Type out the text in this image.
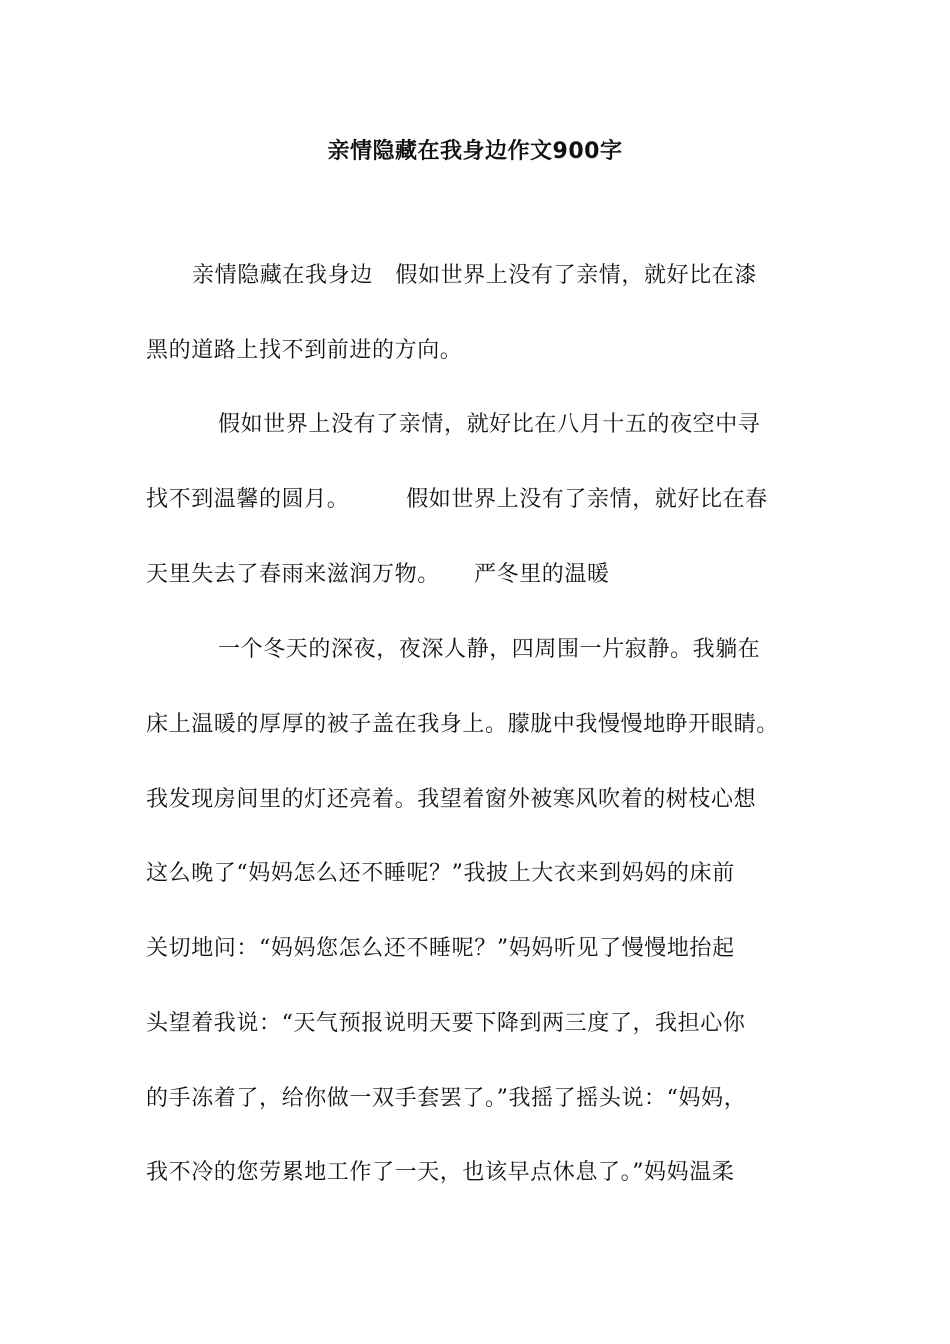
亲情隐藏在我身边作文900字
亲情隐藏在我身边　假如世界上没有了亲情，就好比在漆
黑的道路上找不到前进的方向。
假如世界上没有了亲情，就好比在八月十五的夜空中寻
找不到温馨的圆月。　　　假如世界上没有了亲情，就好比在春
天里失去了春雨来滋润万物。　　严冬里的温暖
一个冬天的深夜，夜深人静，四周围一片寂静。我躺在
床上温暖的厚厚的被子盖在我身上。朦胧中我慢慢地睁开眼睛。
我发现房间里的灯还亮着。我望着窗外被寒风吹着的树枝心想
这么晚了“妈妈怎么还不睡呢？”我披上大衣来到妈妈的床前
关切地问：“妈妈您怎么还不睡呢？”妈妈听见了慢慢地抬起
头望着我说：“天气预报说明天要下降到两三度了，我担心你
的手冻着了，给你做一双手套罢了。”我摇了摇头说：“妈妈，
我不冷的您劳累地工作了一天，也该早点休息了。”妈妈温柔
